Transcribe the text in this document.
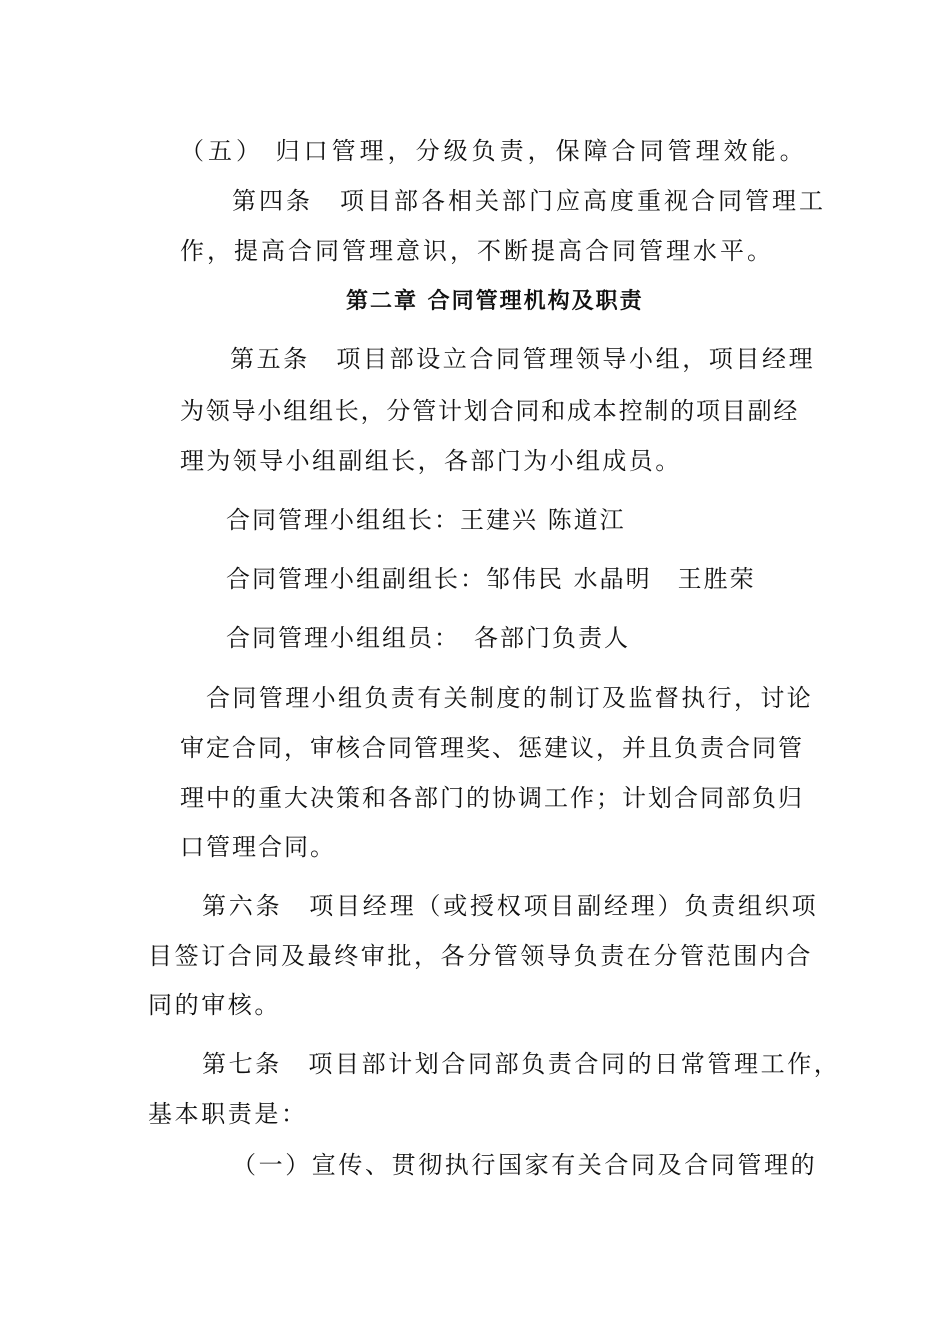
（五） 归口管理，分级负责，保障合同管理效能。
第四条　项目部各相关部门应高度重视合同管理工
作，提高合同管理意识，不断提高合同管理水平。
第二章 合同管理机构及职责
第五条　项目部设立合同管理领导小组，项目经理
为领导小组组长，分管计划合同和成本控制的项目副经
理为领导小组副组长，各部门为小组成员。
合同管理小组组长：王建兴 陈道江
合同管理小组副组长：邹伟民 水晶明　王胜荣
合同管理小组组员：　各部门负责人
合同管理小组负责有关制度的制订及监督执行，讨论
审定合同，审核合同管理奖、惩建议，并且负责合同管
理中的重大决策和各部门的协调工作；计划合同部负归
口管理合同。
第六条　项目经理（或授权项目副经理）负责组织项
目签订合同及最终审批，各分管领导负责在分管范围内合
同的审核。
第七条　项目部计划合同部负责合同的日常管理工作，
基本职责是：
（一）宣传、贯彻执行国家有关合同及合同管理的
